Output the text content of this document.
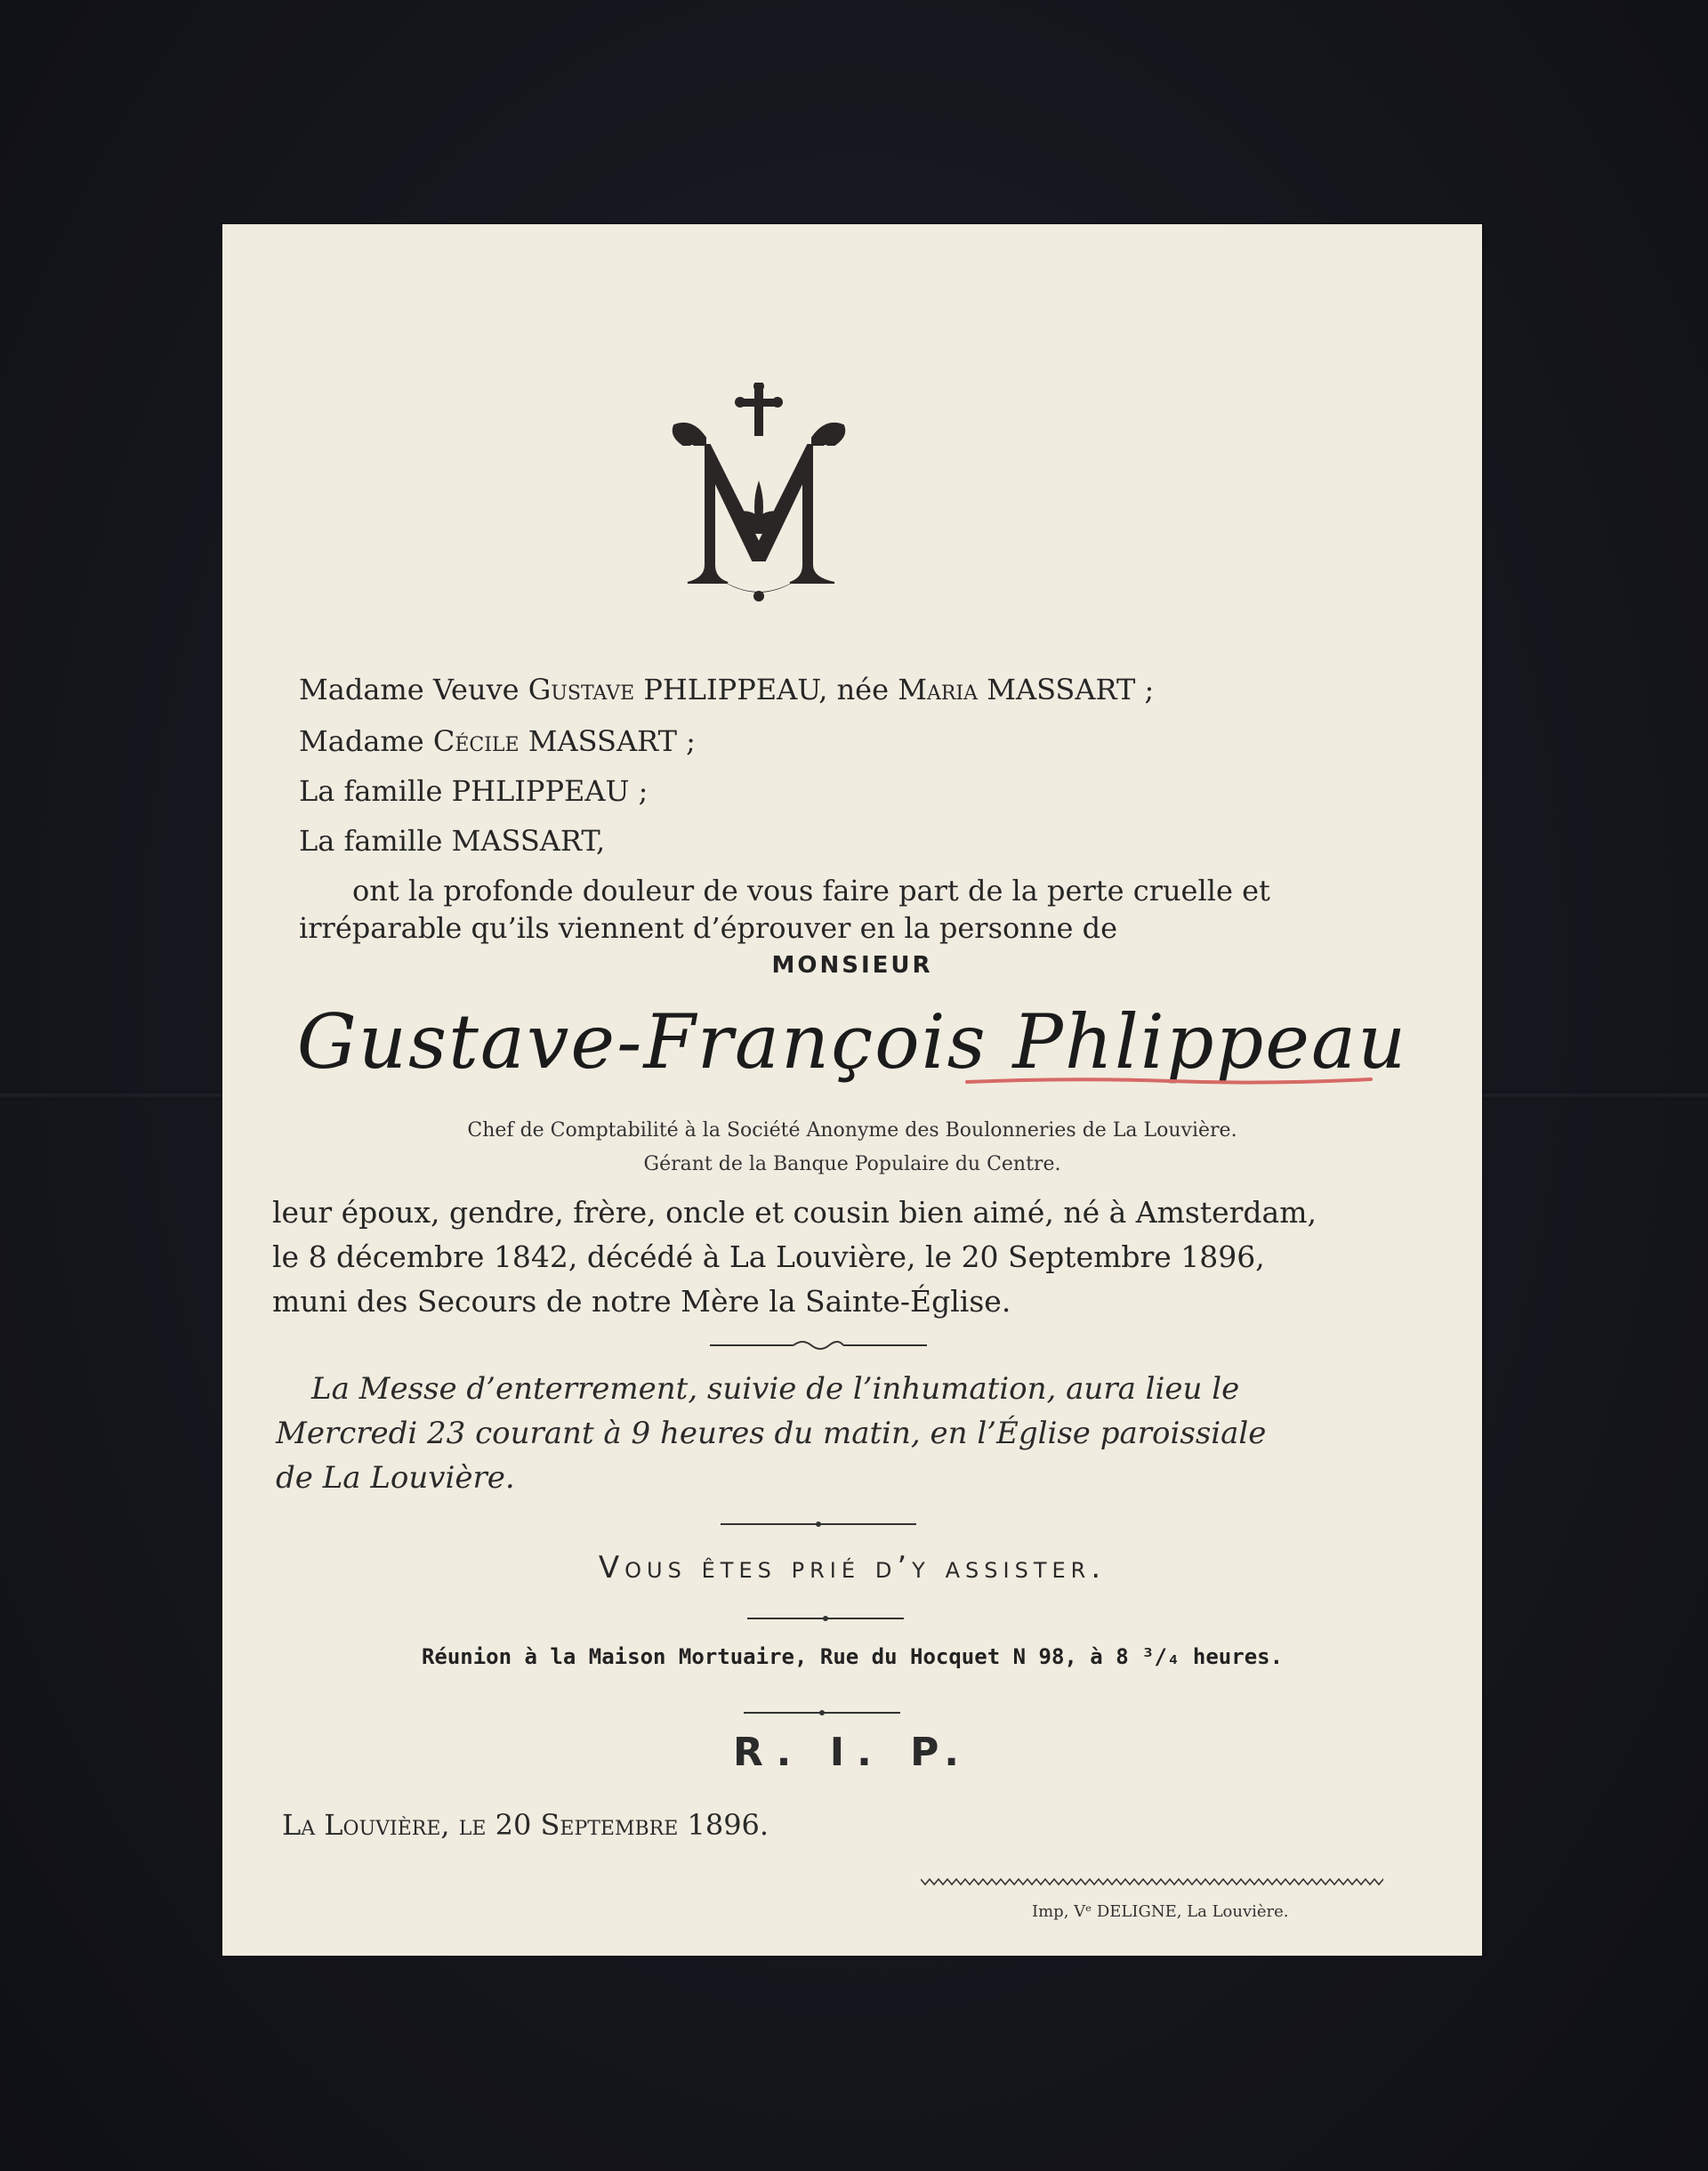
Madame Veuve Gustave PHLIPPEAU, née Maria MASSART ;
Madame Cécile MASSART ;
La famille PHLIPPEAU ;
La famille MASSART,
ont la profonde douleur de vous faire part de la perte cruelle et
irréparable qu’ils viennent d’éprouver en la personne de
MONSIEUR
Gustave-François Phlippeau
Chef de Comptabilité à la Société Anonyme des Boulonneries de La Louvière.
Gérant de la Banque Populaire du Centre.
leur époux, gendre, frère, oncle et cousin bien aimé, né à Amsterdam,
le 8 décembre 1842, décédé à La Louvière, le 20 Septembre 1896,
muni des Secours de notre Mère la Sainte-Église.
La Messe d’enterrement, suivie de l’inhumation, aura lieu le
Mercredi 23 courant à 9 heures du matin, en l’Église paroissiale
de La Louvière.
Vous êtes prié d’y assister.
Réunion à la Maison Mortuaire, Rue du Hocquet N 98, à 8 ³/₄ heures.
R. I. P.
La Louvière, le 20 Septembre 1896.
Imp, Vᵉ DELIGNE, La Louvière.
